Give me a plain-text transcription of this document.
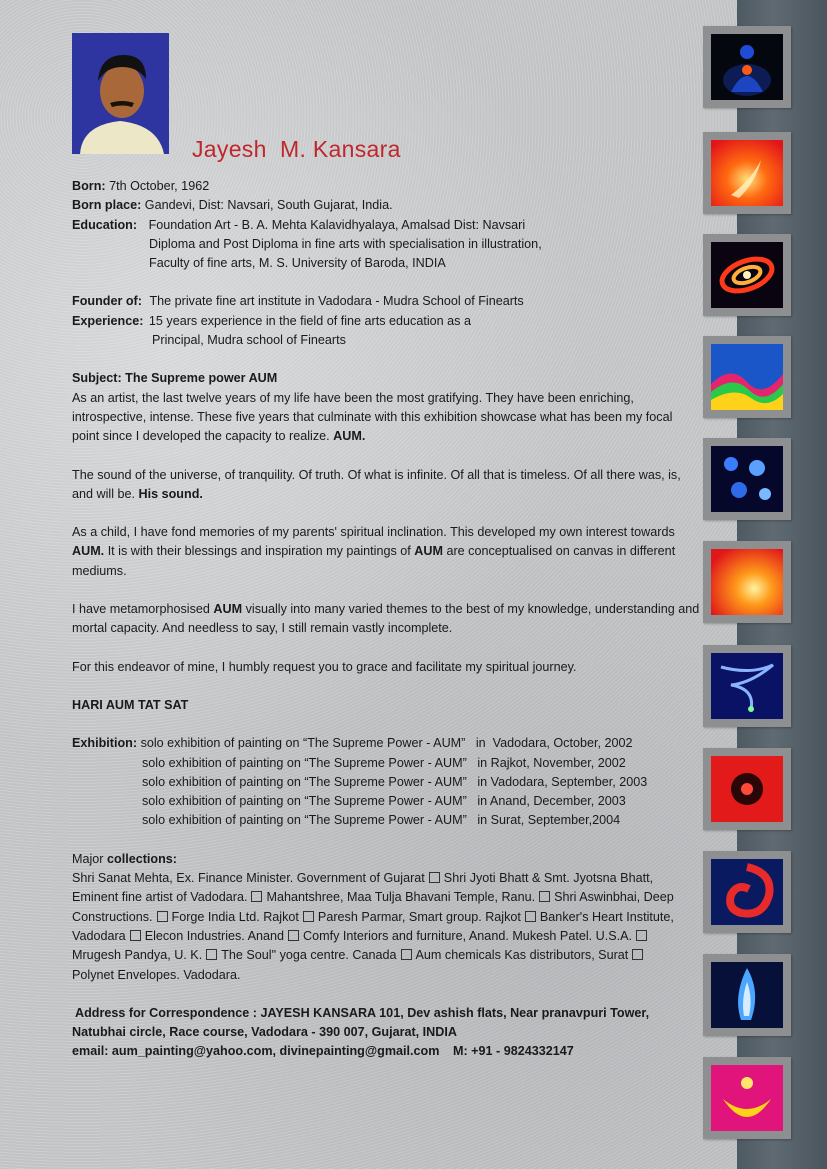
Jayesh  M. Kansara
Born: 7th October, 1962
Born place: Gandevi, Dist: Navsari, South Gujarat, India.
Education: Foundation Art - B. A. Mehta Kalavidhyalaya, Amalsad Dist: Navsari
Diploma and Post Diploma in fine arts with specialisation in illustration,
Faculty of fine arts, M. S. University of Baroda, INDIA
Founder of: The private fine art institute in Vadodara - Mudra School of Finearts
Experience: 15 years experience in the field of fine arts education as a
Principal, Mudra school of Finearts
Subject: The Supreme power AUM
As an artist, the last twelve years of my life have been the most gratifying. They have been enriching, introspective, intense. These five years that culminate with this exhibition showcase what has been my focal point since I developed the capacity to realize. AUM.
The sound of the universe, of tranquility. Of truth. Of what is infinite. Of all that is timeless. Of all there was, is, and will be. His sound.
As a child, I have fond memories of my parents' spiritual inclination. This developed my own interest towards AUM. It is with their blessings and inspiration my paintings of AUM are conceptualised on canvas in different mediums.
I have metamorphosised AUM visually into many varied themes to the best of my knowledge, understanding and mortal capacity. And needless to say, I still remain vastly incomplete.
For this endeavor of mine, I humbly request you to grace and facilitate my spiritual journey.
HARI AUM TAT SAT
Exhibition: solo exhibition of painting on “The Supreme Power - AUM” in  Vadodara, October, 2002
solo exhibition of painting on “The Supreme Power - AUM” in Rajkot, November, 2002
solo exhibition of painting on “The Supreme Power - AUM” in Vadodara, September, 2003
solo exhibition of painting on “The Supreme Power - AUM” in Anand, December, 2003
solo exhibition of painting on “The Supreme Power - AUM” in Surat, September,2004
Major collections:
Shri Sanat Mehta, Ex. Finance Minister. Government of Gujarat Shri Jyoti Bhatt & Smt. Jyotsna Bhatt, Eminent fine artist of Vadodara. Mahantshree, Maa Tulja Bhavani Temple, Ranu. Shri Aswinbhai, Deep Constructions. Forge India Ltd. Rajkot Paresh Parmar, Smart group. Rajkot Banker's Heart Institute, Vadodara Elecon Industries. Anand Comfy Interiors and furniture, Anand. Mukesh Patel. U.S.A.Mrugesh Pandya, U. K. The Soul" yoga centre. Canada Aum chemicals Kas distributors, SuratPolynet Envelopes. Vadodara.
Address for Correspondence : JAYESH KANSARA 101, Dev ashish flats, Near pranavpuri Tower,
Natubhai circle, Race course, Vadodara - 390 007, Gujarat, INDIA
email: aum_painting@yahoo.com, divinepainting@gmail.com M: +91 - 9824332147
